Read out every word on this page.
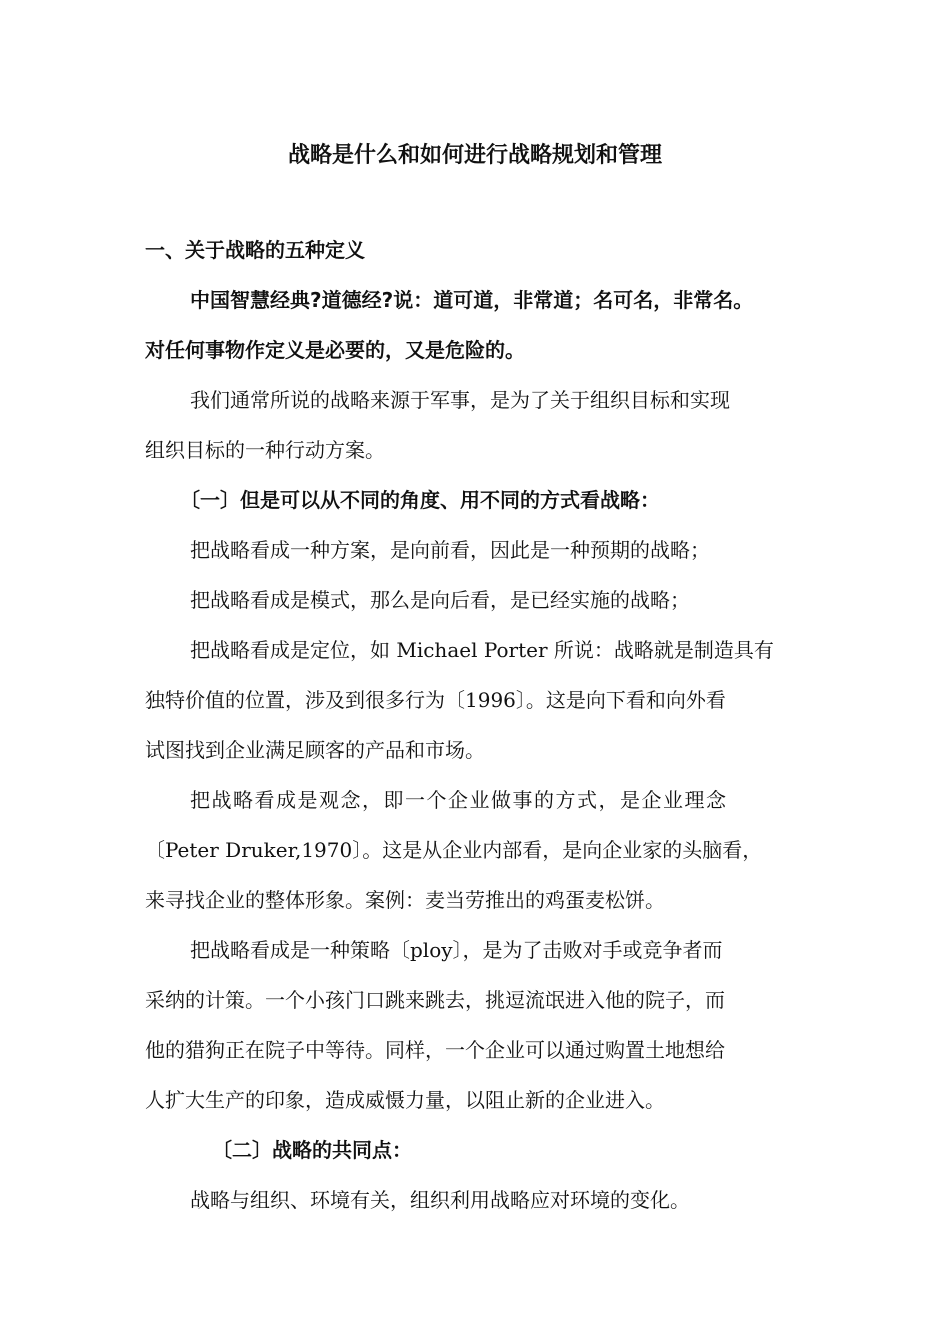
战略是什么和如何进行战略规划和管理
一、关于战略的五种定义
中国智慧经典?道德经?说：道可道，非常道；名可名，非常名。
对任何事物作定义是必要的，又是危险的。
我们通常所说的战略来源于军事，是为了关于组织目标和实现
组织目标的一种行动方案。
〔一〕但是可以从不同的角度、用不同的方式看战略：
把战略看成一种方案，是向前看，因此是一种预期的战略；
把战略看成是模式，那么是向后看，是已经实施的战略；
把战略看成是定位，如 Michael Porter 所说：战略就是制造具有
独特价值的位置，涉及到很多行为〔1996〕。这是向下看和向外看
试图找到企业满足顾客的产品和市场。
把战略看成是观念，即一个企业做事的方式，是企业理念
〔Peter Druker,1970〕。这是从企业内部看，是向企业家的头脑看，
来寻找企业的整体形象。案例：麦当劳推出的鸡蛋麦松饼。
把战略看成是一种策略〔ploy〕，是为了击败对手或竞争者而
采纳的计策。一个小孩门口跳来跳去，挑逗流氓进入他的院子，而
他的猎狗正在院子中等待。同样，一个企业可以通过购置土地想给
人扩大生产的印象，造成威慑力量，以阻止新的企业进入。
〔二〕战略的共同点：
战略与组织、环境有关，组织利用战略应对环境的变化。
